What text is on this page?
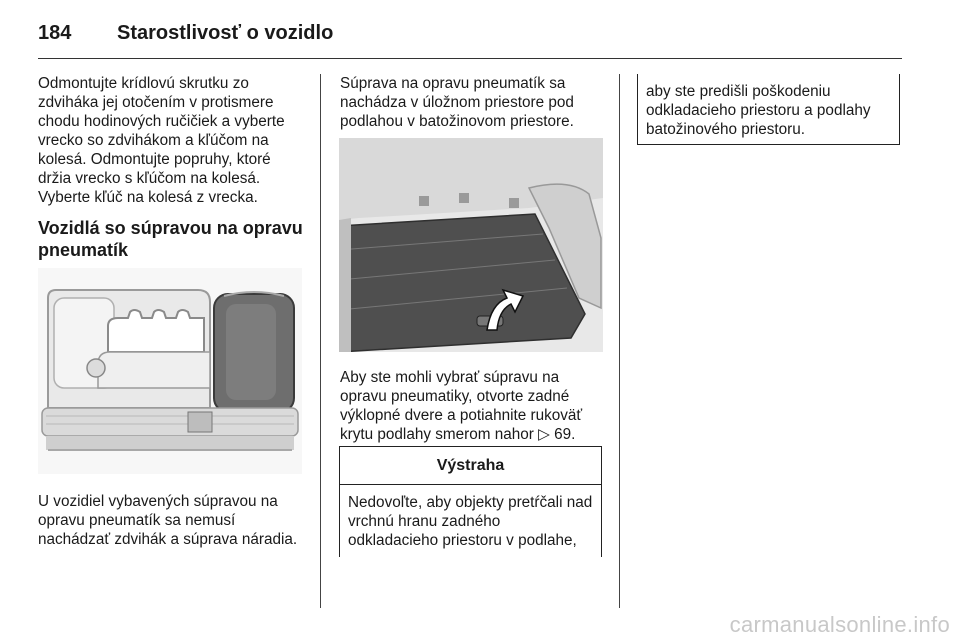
184 Starostlivosť o vozidlo

Odmontujte krídlovú skrutku zo zdviháka jej otočením v protismere chodu hodinových ručičiek a vyberte vrecko so zdvihákom a kľúčom na kolesá. Odmontujte popruhy, ktoré držia vrecko s kľúčom na kolesá. Vyberte kľúč na kolesá z vrecka.

Vozidlá so súpravou na opravu pneumatík

U vozidiel vybavených súpravou na opravu pneumatík sa nemusí nachádzať zdvihák a súprava náradia.

Súprava na opravu pneumatík sa nachádza v úložnom priestore pod podlahou v batožinovom priestore.

Aby ste mohli vybrať súpravu na opravu pneumatiky, otvorte zadné výklopné dvere a potiahnite rukoväť krytu podlahy smerom nahor ▷ 69.

Výstraha
Nedovoľte, aby objekty pretŕčali nad vrchnú hranu zadného odkladacieho priestoru v podlahe,
aby ste predišli poškodeniu odkladacieho priestoru a podlahy batožinového priestoru.
carmanualsonline.info
